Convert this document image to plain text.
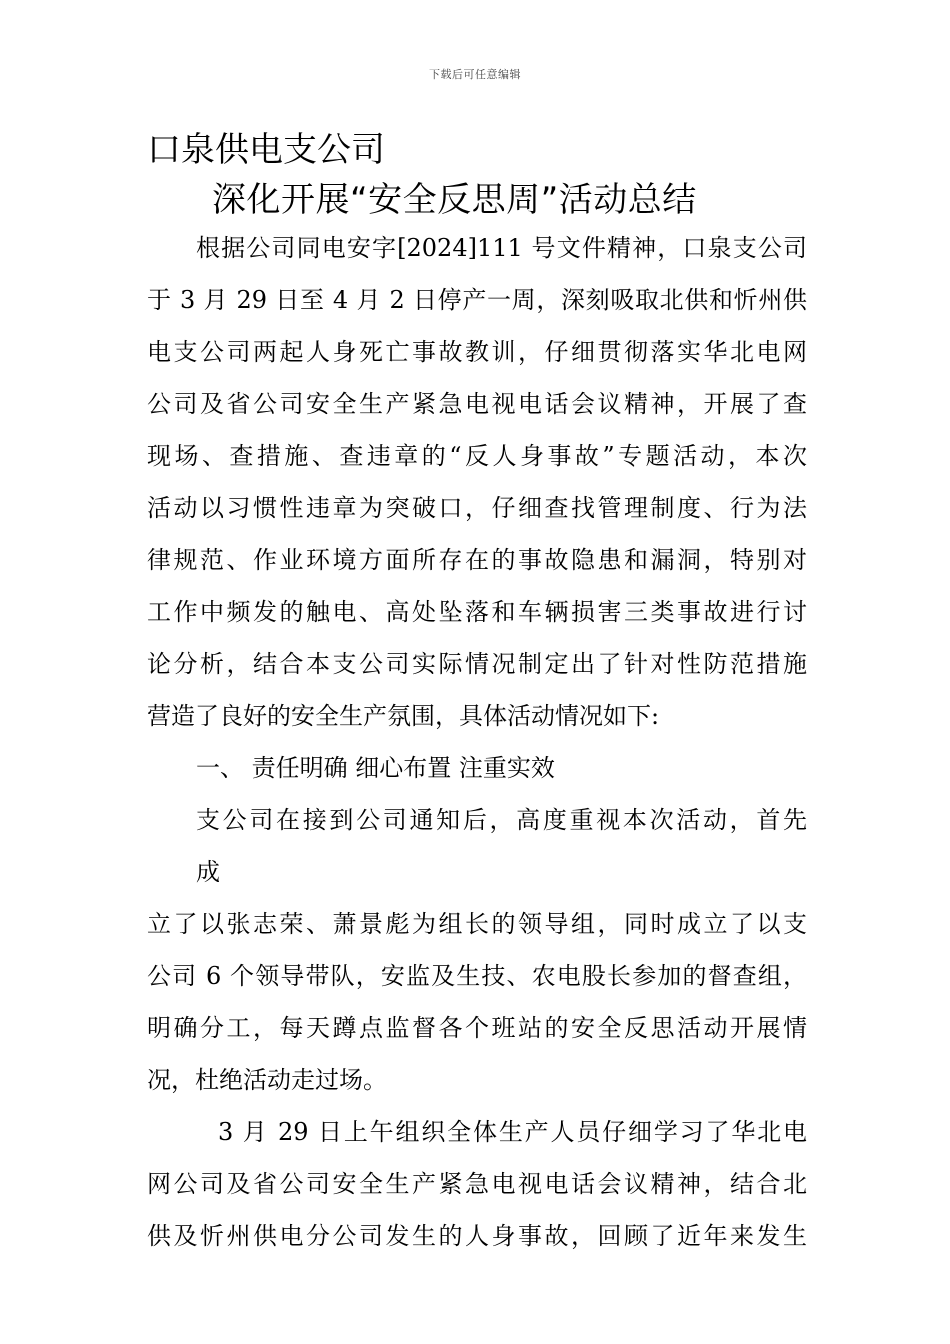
下载后可任意编辑
口泉供电支公司
深化开展“安全反思周”活动总结
根据公司同电安字[2024]111 号文件精神，口泉支公司
于 3 月 29 日至 4 月 2 日停产一周，深刻吸取北供和忻州供
电支公司两起人身死亡事故教训，仔细贯彻落实华北电网
公司及省公司安全生产紧急电视电话会议精神，开展了查
现场、查措施、查违章的“反人身事故”专题活动，本次
活动以习惯性违章为突破口，仔细查找管理制度、行为法
律规范、作业环境方面所存在的事故隐患和漏洞，特别对
工作中频发的触电、高处坠落和车辆损害三类事故进行讨
论分析，结合本支公司实际情况制定出了针对性防范措施
营造了良好的安全生产氛围，具体活动情况如下:
一、 责任明确 细心布置 注重实效
支公司在接到公司通知后，高度重视本次活动，首先
成
立了以张志荣、萧景彪为组长的领导组，同时成立了以支
公司 6 个领导带队，安监及生技、农电股长参加的督查组，
明确分工，每天蹲点监督各个班站的安全反思活动开展情
况，杜绝活动走过场。
3 月 29 日上午组织全体生产人员仔细学习了华北电
网公司及省公司安全生产紧急电视电话会议精神，结合北
供及忻州供电分公司发生的人身事故，回顾了近年来发生
